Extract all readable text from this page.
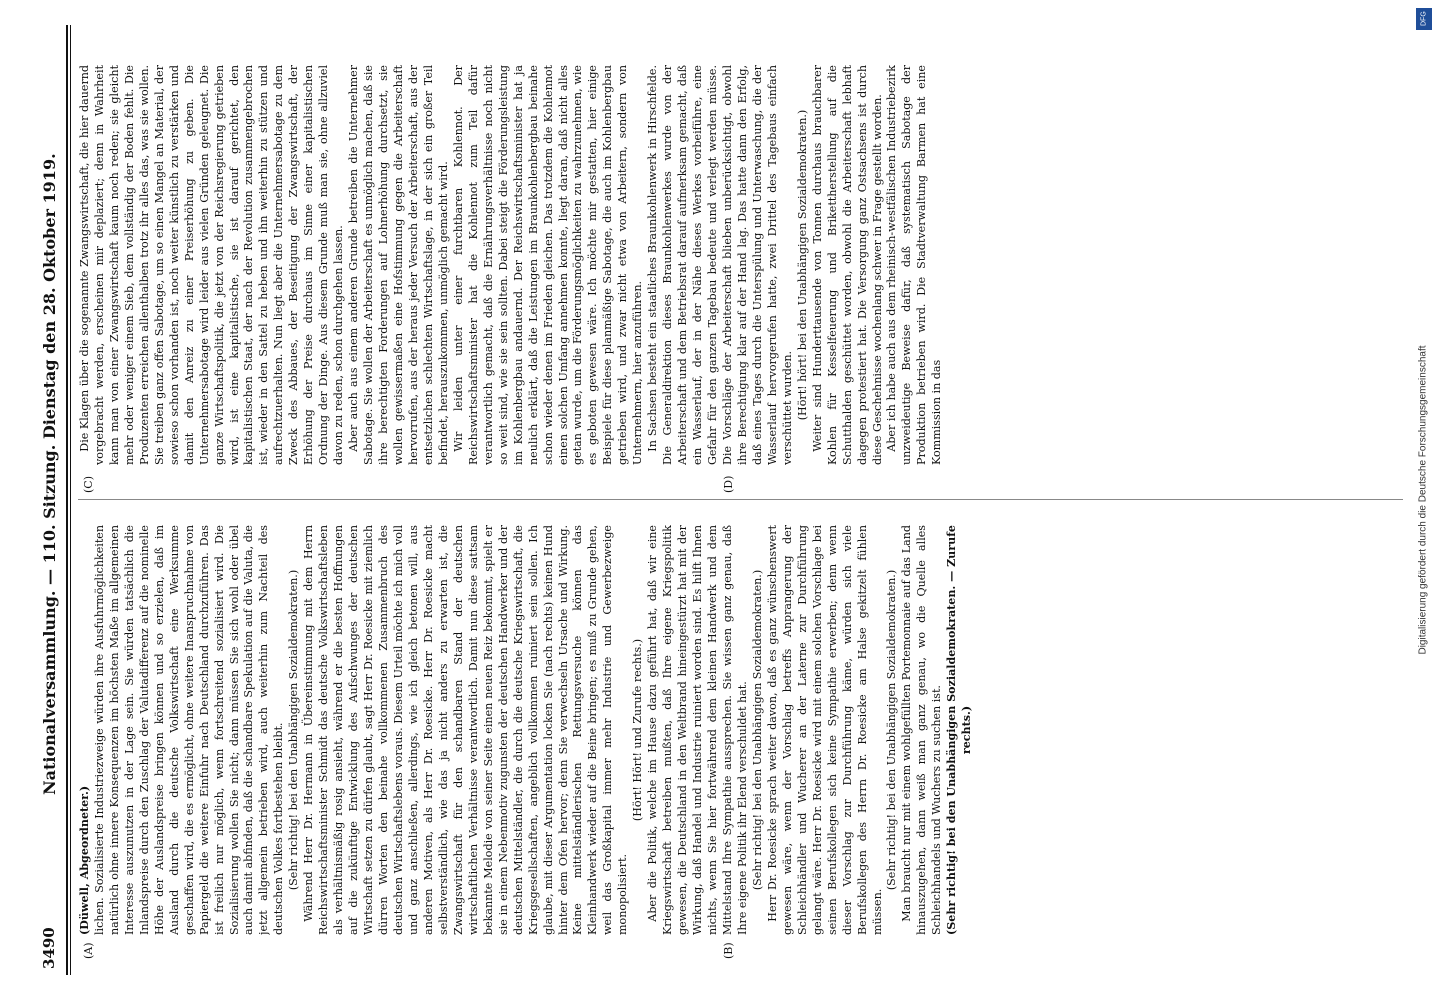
3490
Nationalversammlung. — 110. Sitzung. Dienstag den 28. Oktober 1919.
(A)	(B)
(C)	(D)

(Düwell, Abgeordneter.) lichen. Sozialisierte Industriezweige würden ihre Ausfuhrmöglichkeiten natürlich ohne innere Konsequenzen im höchsten Maße im allgemeinen Interesse auszunutzen in der Lage sein. Sie würden tatsächlich die Inlandspreise durch den Zuschlag der Valutadifferenz auf die nominelle Höhe der Auslandspreise bringen können und so erzielen, daß im Ausland durch die deutsche Volkswirtschaft eine Werksumme geschaffen wird, die es ermöglicht, ohne weitere Inanspruchnahme von Papiergeld die weitere Einfuhr nach Deutschland durchzuführen. Das ist freilich nur möglich, wenn fortschreitend sozialisiert wird. Die Sozialisierung wollen Sie nicht; dann müssen Sie sich wohl oder übel auch damit abfinden, daß die schandbare Spekulation auf die Valuta, die jetzt allgemein betrieben wird, auch weiterhin zum Nachteil des deutschen Volkes fortbestehen bleibt. (Sehr richtig! bei den Unabhängigen Sozialdemokraten.) Während Herr Dr. Hermann in Übereinstimmung mit dem Herrn Reichswirtschaftsminister Schmidt das deutsche Volkswirtschaftsleben als verhältnismäßig rosig ansieht, während er die besten Hoffnungen auf die zukünftige Entwicklung des Aufschwunges der deutschen Wirtschaft setzen zu dürfen glaubt, sagt Herr Dr. Roesicke mit ziemlich dürren Worten den beinahe vollkommenen Zusammenbruch des deutschen Wirtschaftslebens voraus. Diesem Urteil möchte ich mich voll und ganz anschließen, allerdings, wie ich gleich betonen will, aus anderen Motiven, als Herr Dr. Roesicke. Herr Dr. Roesicke macht selbstverständlich, wie das ja nicht anders zu erwarten ist, die Zwangswirtschaft für den schandbaren Stand der deutschen wirtschaftlichen Verhältnisse verantwortlich. Damit nun diese sattsam bekannte Melodie von seiner Seite einen neuen Reiz bekommt, spielt er sie in einem Nebenmotiv zugunsten der deutschen Handwerker und der deutschen Mittelständler, die durch die deutsche Kriegswirtschaft, die Kriegsgesellschaften, angeblich vollkommen ruiniert sein sollen. Ich glaube, mit dieser Argumentation locken Sie (nach rechts) keinen Hund hinter dem Ofen hervor; denn Sie verwechseln Ursache und Wirkung. Keine mittelständlerischen Rettungsversuche können das Kleinhandwerk wieder auf die Beine bringen; es muß zu Grunde gehen, weil das Großkapital immer mehr Industrie und Gewerbezweige monopolisiert.

(Hört! Hört! und Zurufe rechts.) Aber die Politik, welche im Hause dazu geführt hat, daß wir eine Kriegswirtschaft betreiben mußten, daß Ihre eigene Kriegspolitik gewesen, die Deutschland in den Weltbrand hineingestürzt hat mit der Wirkung, daß Handel und Industrie ruiniert worden sind. Es hilft Ihnen nichts, wenn Sie hier fortwährend dem kleinen Handwerk und dem Mittelstand Ihre Sympathie aussprechen. Sie wissen ganz genau, daß Ihre eigene Politik ihr Elend verschuldet hat. (Sehr richtig! bei den Unabhängigen Sozialdemokraten.) Herr Dr. Roesicke sprach weiter davon, daß es ganz wünschenswert gewesen wäre, wenn der Vorschlag betreffs Anprangerung der Schleichhändler und Wucherer an der Laterne zur Durchführung gelangt wäre. Herr Dr. Roesicke wird mit einem solchen Vorschlage bei seinen Berufskollegen sich keine Sympathie erwerben; denn wenn dieser Vorschlag zur Durchführung käme, würden sich viele Berufskollegen des Herrn Dr. Roesicke am Halse gekitzelt fühlen müssen.

(Sehr richtig! bei den Unabhängigen Sozialdemokraten.) Man braucht nur mit einem wohlgefüllten Portemonnaie auf das Land hinauszugehen, dann weiß man ganz genau, wo die Quelle alles Schleichhandels und Wuchers zu suchen ist. (Sehr richtig! bei den Unabhängigen Sozialdemokraten. — Zurufe rechts.)

Die Klagen über die sogenannte Zwangswirtschaft, die hier dauernd vorgebracht werden, erscheinen mir deplaziert; denn in Wahrheit kann man von einer Zwangswirtschaft kaum noch reden; sie gleicht mehr oder weniger einem Sieb, dem vollständig der Boden fehlt. Die Produzenten erreichen allenthalben trotz ihr alles das, was sie wollen. Sie treiben ganz offen Sabotage, um so einen Mangel an Material, der sowieso schon vorhanden ist, noch weiter künstlich zu verstärken und damit den Anreiz zu einer Preiserhöhung zu geben. Die Unternehmersabotage wird leider aus vielen Gründen geleugnet. Die ganze Wirtschaftspolitik, die jetzt von der Reichsregierung getrieben wird, ist eine kapitalistische, sie ist darauf gerichtet, den kapitalistischen Staat, der nach der Revolution zusammengebrochen ist, wieder in den Sattel zu heben und ihn weiterhin zu stützen und aufrechtzuerhalten. Nun liegt aber die Unternehmersabotage zu dem Zweck des Abbaues, der Beseitigung der Zwangswirtschaft, der Erhöhung der Preise durchaus im Sinne einer kapitalistischen Ordnung der Dinge. Aus diesem Grunde muß man sie, ohne allzuviel davon zu reden, schon durchgehen lassen. Aber auch aus einem anderen Grunde betreiben die Unternehmer Sabotage. Sie wollen der Arbeiterschaft es unmöglich machen, daß sie ihre berechtigten Forderungen auf Lohnerhöhung durchsetzt, sie wollen gewissermaßen eine Hofstimmung gegen die Arbeiterschaft hervorrufen, aus der heraus jeder Versuch der Arbeiterschaft, aus der entsetzlichen schlechten Wirtschaftslage, in der sich ein großer Teil befindet, herauszukommen, unmöglich gemacht wird. Wir leiden unter einer furchtbaren Kohlennot. Der Reichswirtschaftsminister hat die Kohlennot zum Teil dafür verantwortlich gemacht, daß die Ernährungsverhältnisse noch nicht so weit sind, wie sie sein sollten. Dabei steigt die Förderungsleistung im Kohlenbergbau andauernd. Der Reichswirtschaftsminister hat ja neulich erklärt, daß die Leistungen im Braunkohlenbergbau beinahe schon wieder denen im Frieden gleichen. Das trotzdem die Kohlennot einen solchen Umfang annehmen konnte, liegt daran, daß nicht alles getan wurde, um die Förderungsmöglichkeiten zu wahrzunehmen, wie es geboten gewesen wäre. Ich möchte mir gestatten, hier einige Beispiele für diese planmäßige Sabotage, die auch im Kohlenbergbau getrieben wird, und zwar nicht etwa von Arbeitern, sondern von Unternehmern, hier anzuführen. In Sachsen besteht ein staatliches Braunkohlenwerk in Hirschfelde. Die Generaldirektion dieses Braunkohlenwerkes wurde von der Arbeiterschaft und dem Betriebsrat darauf aufmerksam gemacht, daß ein Wasserlauf, der in der Nähe dieses Werkes vorbeiführe, eine Gefahr für den ganzen Tagebau bedeute und verlegt werden müsse. Die Vorschläge der Arbeiterschaft blieben unberücksichtigt, obwohl ihre Berechtigung klar auf der Hand lag. Das hatte dann den Erfolg, daß eines Tages durch die Unterspülung und Unterwaschung, die der Wasserlauf hervorgerufen hatte, zwei Drittel des Tagebaus einfach verschüttet wurden. (Hört! hört! bei den Unabhängigen Sozialdemokraten.) Weiter sind Hunderttausende von Tonnen durchaus brauchbarer Kohlen für Kesselfeuerung und Brikettherstellung auf die Schutthalden geschüttet worden, obwohl die Arbeiterschaft lebhaft dagegen protestiert hat. Die Versorgung ganz Ostsachsens ist durch diese Geschehnisse wochenlang schwer in Frage gestellt worden. Aber ich habe auch aus dem rheinisch-westfälischen Industriebezirk unzweideutige Beweise dafür, daß systematisch Sabotage der Produktion betrieben wird. Die Stadtverwaltung Barmen hat eine Kommission in das	Digitalisierung gefördert durch die Deutsche Forschungsgemeinschaft
DFG
